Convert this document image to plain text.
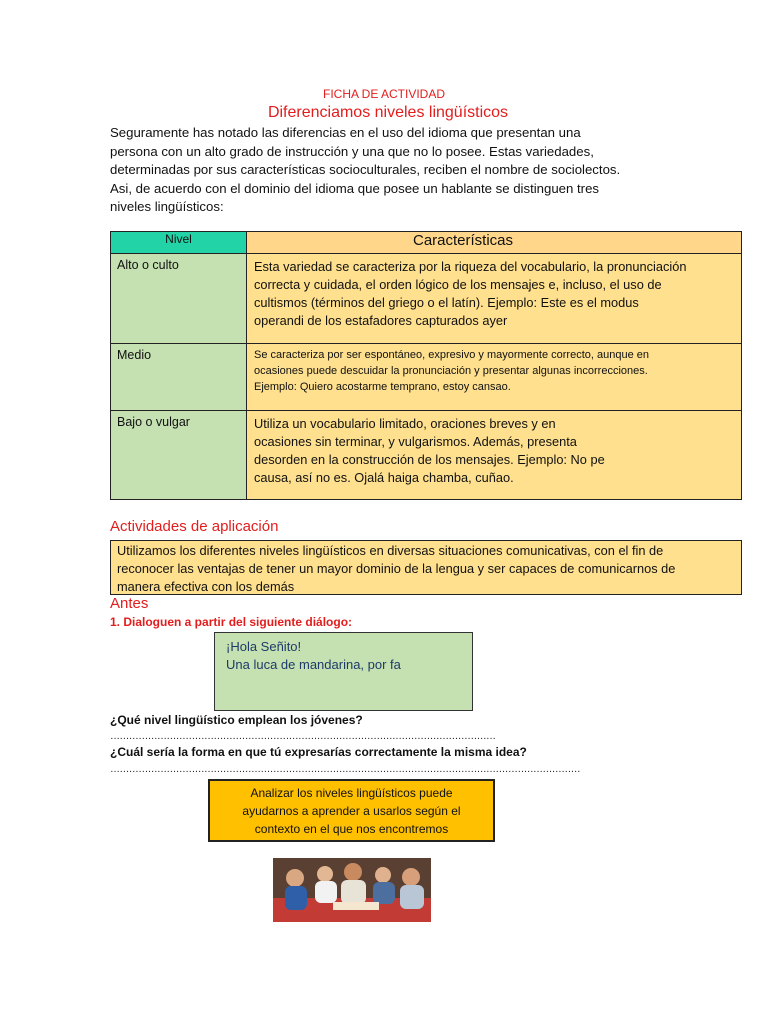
FICHA DE ACTIVIDAD
Diferenciamos niveles lingüísticos

Seguramente has notado las diferencias en el uso del idioma que presentan una

persona con un alto grado de instrucción y una que no lo posee. Estas variedades,

determinadas por sus características socioculturales, reciben el nombre de sociolectos.

Asi, de acuerdo con el dominio del idioma que posee un hablante se distinguen tres

niveles lingüísticos:

Nivel	Características

Alto o culto	Esta variedad se caracteriza por la riqueza del vocabulario, la pronunciación

correcta y cuidada, el orden lógico de los mensajes e, incluso, el uso de

cultismos (términos del griego o el latín). Ejemplo: Este es el modus

operandi de los estafadores capturados ayer

Medio	Se caracteriza por ser espontáneo, expresivo y mayormente correcto, aunque en

ocasiones puede descuidar la pronunciación y presentar algunas incorrecciones.

Ejemplo: Quiero acostarme temprano, estoy cansao.

Bajo o vulgar	Utiliza un vocabulario limitado, oraciones breves y en

ocasiones sin terminar, y vulgarismos. Además, presenta

desorden en la construcción de los mensajes. Ejemplo: No pe

causa, así no es. Ojalá haiga chamba, cuñao.

Actividades de aplicación

Utilizamos los diferentes niveles lingüísticos en diversas situaciones comunicativas, con el fin de

reconocer las ventajas de tener un mayor dominio de la lengua y ser capaces de comunicarnos de

manera efectiva con los demás

Antes
1. Dialoguen a partir del siguiente diálogo:

¡Hola Señito!

Una luca de mandarina, por fa

¿Qué nivel lingüístico emplean los jóvenes?
……………………………………………………………………………………………………………
¿Cuál sería la forma en que tú expresarías correctamente la misma idea?
……………………………………………………………………………………………………………………………………

Analizar los niveles lingüísticos puede

ayudarnos a aprender a usarlos según el

contexto en el que nos encontremos
